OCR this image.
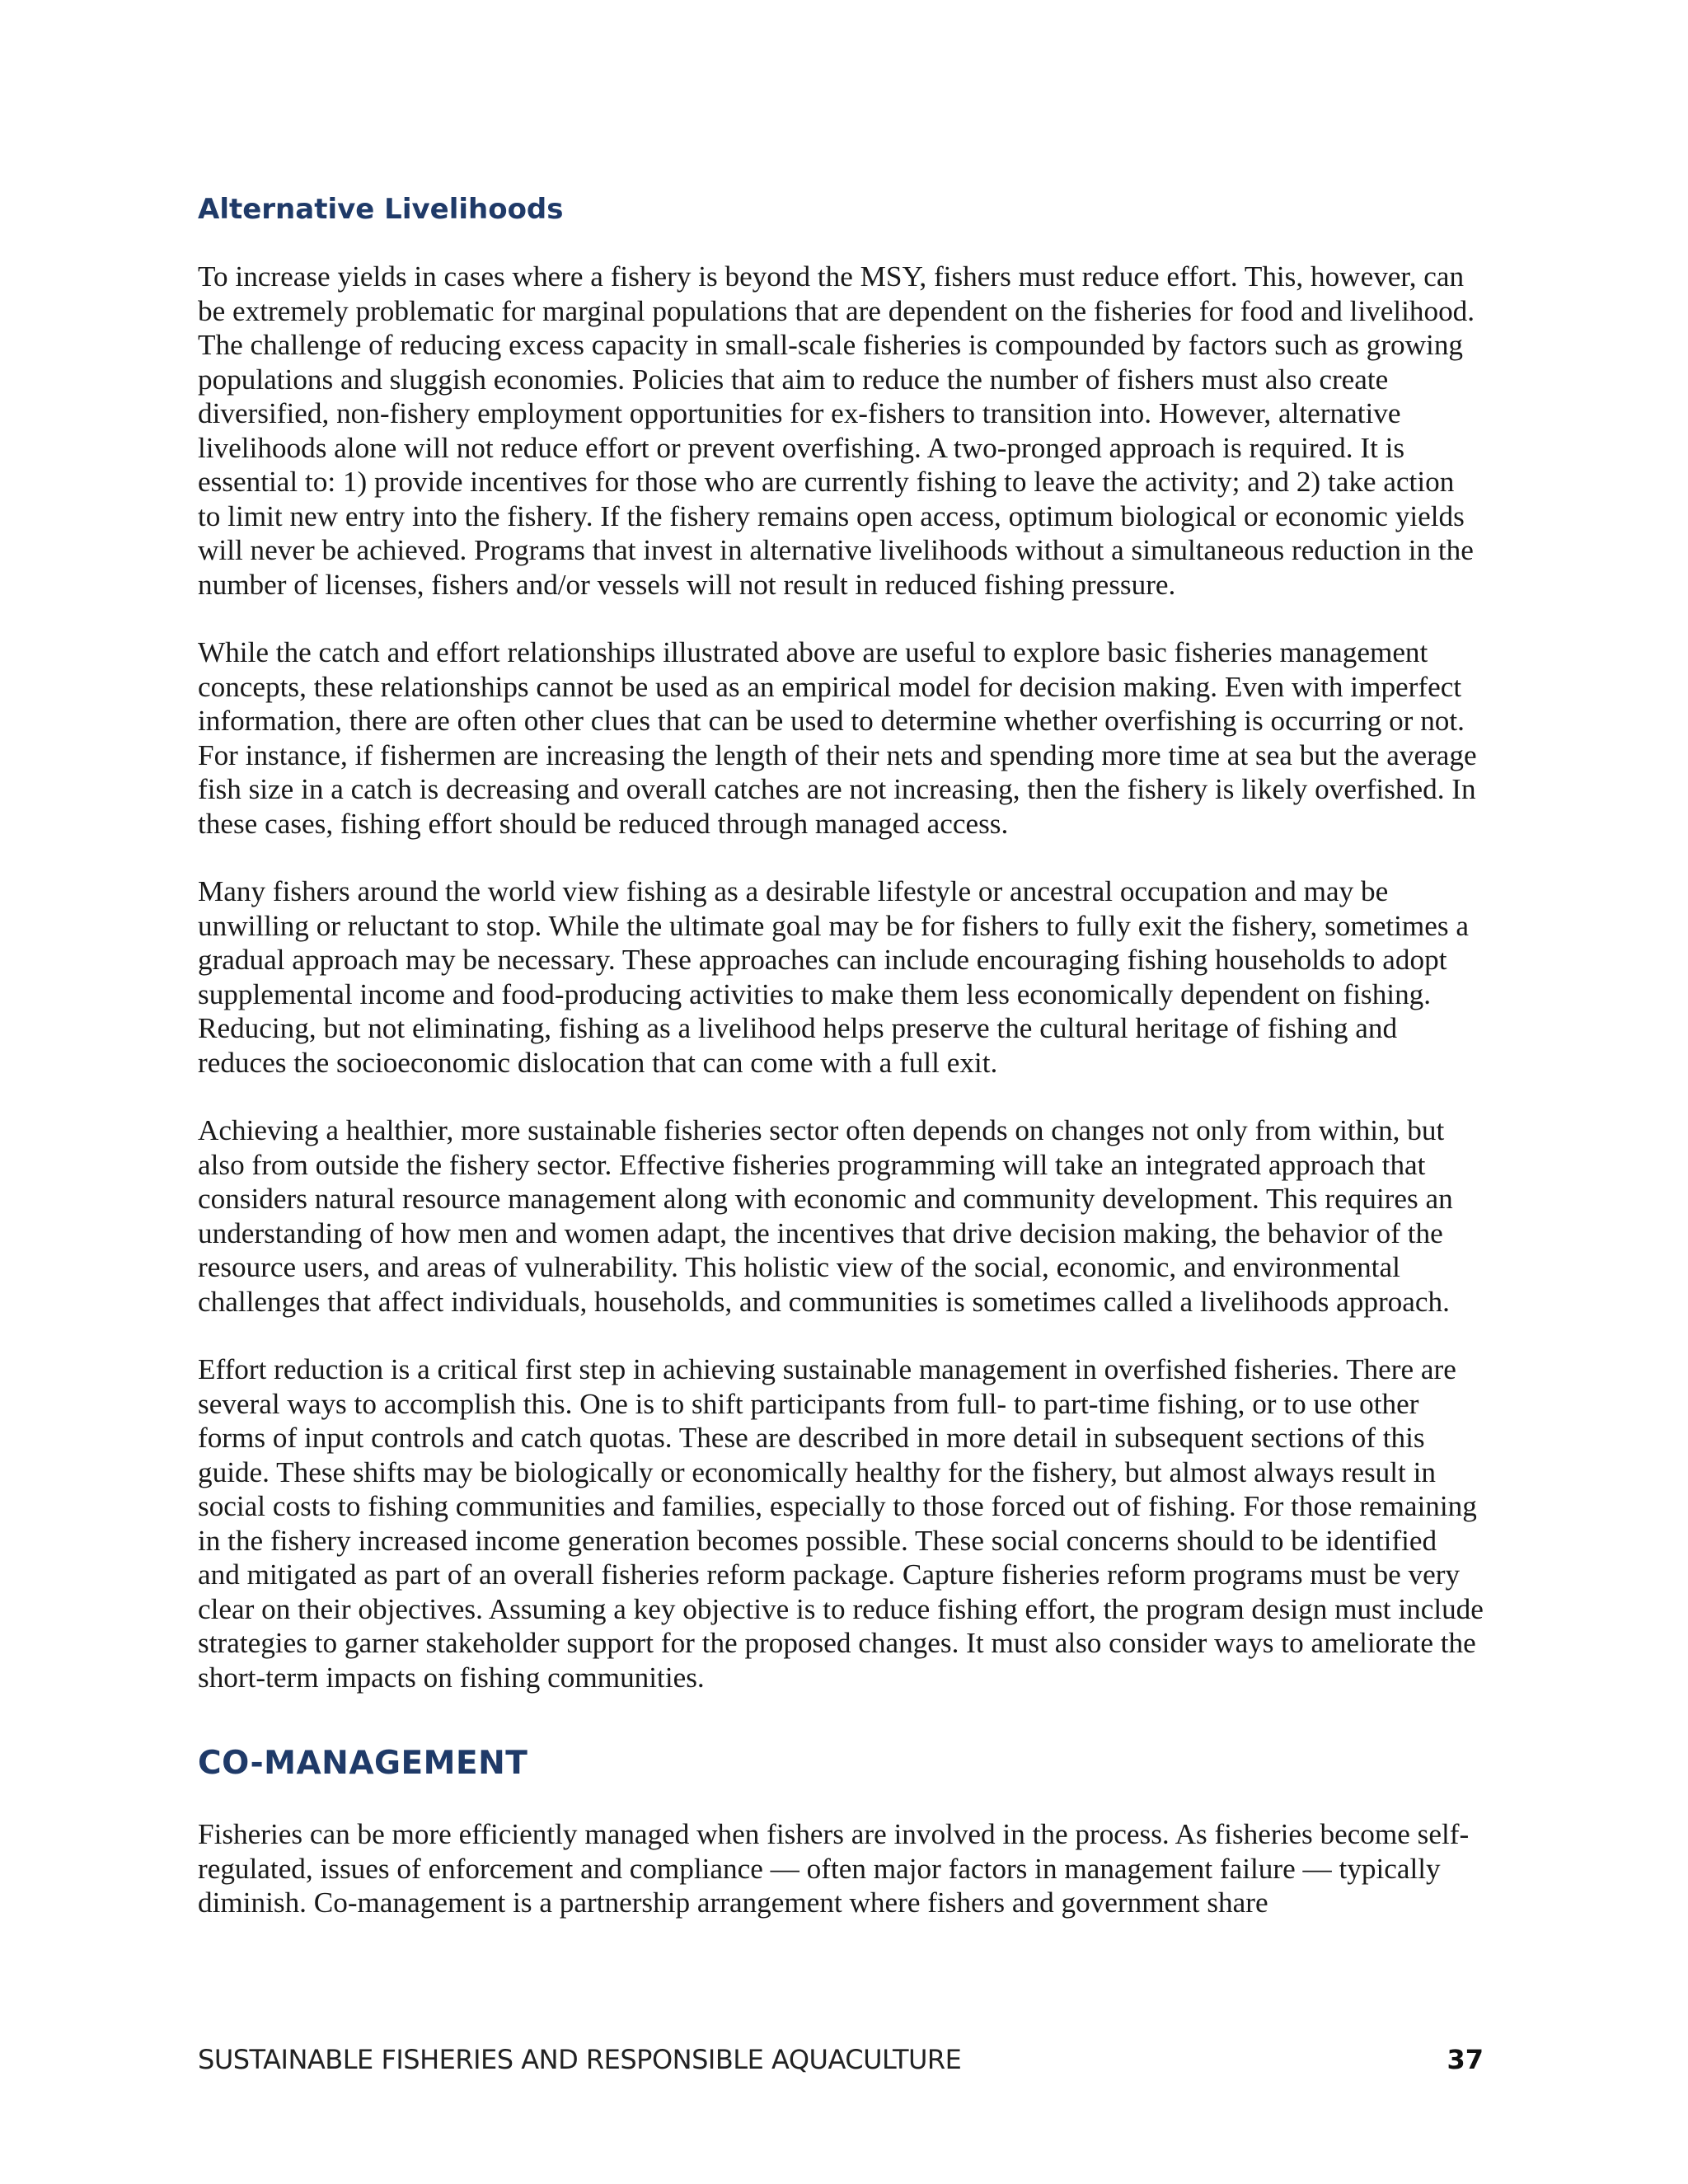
Alternative Livelihoods

To increase yields in cases where a fishery is beyond the MSY, fishers must reduce effort. This, however, can be extremely problematic for marginal populations that are dependent on the fisheries for food and livelihood. The challenge of reducing excess capacity in small-scale fisheries is compounded by factors such as growing populations and sluggish economies. Policies that aim to reduce the number of fishers must also create diversified, non-fishery employment opportunities for ex-fishers to transition into. However, alternative livelihoods alone will not reduce effort or prevent overfishing. A two-pronged approach is required. It is essential to: 1) provide incentives for those who are currently fishing to leave the activity; and 2) take action to limit new entry into the fishery. If the fishery remains open access, optimum biological or economic yields will never be achieved. Programs that invest in alternative livelihoods without a simultaneous reduction in the number of licenses, fishers and/or vessels will not result in reduced fishing pressure.

While the catch and effort relationships illustrated above are useful to explore basic fisheries management concepts, these relationships cannot be used as an empirical model for decision making. Even with imperfect information, there are often other clues that can be used to determine whether overfishing is occurring or not. For instance, if fishermen are increasing the length of their nets and spending more time at sea but the average fish size in a catch is decreasing and overall catches are not increasing, then the fishery is likely overfished. In these cases, fishing effort should be reduced through managed access.

Many fishers around the world view fishing as a desirable lifestyle or ancestral occupation and may be unwilling or reluctant to stop. While the ultimate goal may be for fishers to fully exit the fishery, sometimes a gradual approach may be necessary. These approaches can include encouraging fishing households to adopt supplemental income and food-producing activities to make them less economically dependent on fishing. Reducing, but not eliminating, fishing as a livelihood helps preserve the cultural heritage of fishing and reduces the socioeconomic dislocation that can come with a full exit.

Achieving a healthier, more sustainable fisheries sector often depends on changes not only from within, but also from outside the fishery sector. Effective fisheries programming will take an integrated approach that considers natural resource management along with economic and community development. This requires an understanding of how men and women adapt, the incentives that drive decision making, the behavior of the resource users, and areas of vulnerability. This holistic view of the social, economic, and environmental challenges that affect individuals, households, and communities is sometimes called a livelihoods approach.

Effort reduction is a critical first step in achieving sustainable management in overfished fisheries. There are several ways to accomplish this. One is to shift participants from full- to part-time fishing, or to use other forms of input controls and catch quotas. These are described in more detail in subsequent sections of this guide. These shifts may be biologically or economically healthy for the fishery, but almost always result in social costs to fishing communities and families, especially to those forced out of fishing. For those remaining in the fishery increased income generation becomes possible. These social concerns should to be identified and mitigated as part of an overall fisheries reform package. Capture fisheries reform programs must be very clear on their objectives. Assuming a key objective is to reduce fishing effort, the program design must include strategies to garner stakeholder support for the proposed changes. It must also consider ways to ameliorate the short-term impacts on fishing communities.

CO-MANAGEMENT

Fisheries can be more efficiently managed when fishers are involved in the process. As fisheries become self-regulated, issues of enforcement and compliance — often major factors in management failure — typically diminish. Co-management is a partnership arrangement where fishers and government share

SUSTAINABLE FISHERIES AND RESPONSIBLE AQUACULTURE	37
